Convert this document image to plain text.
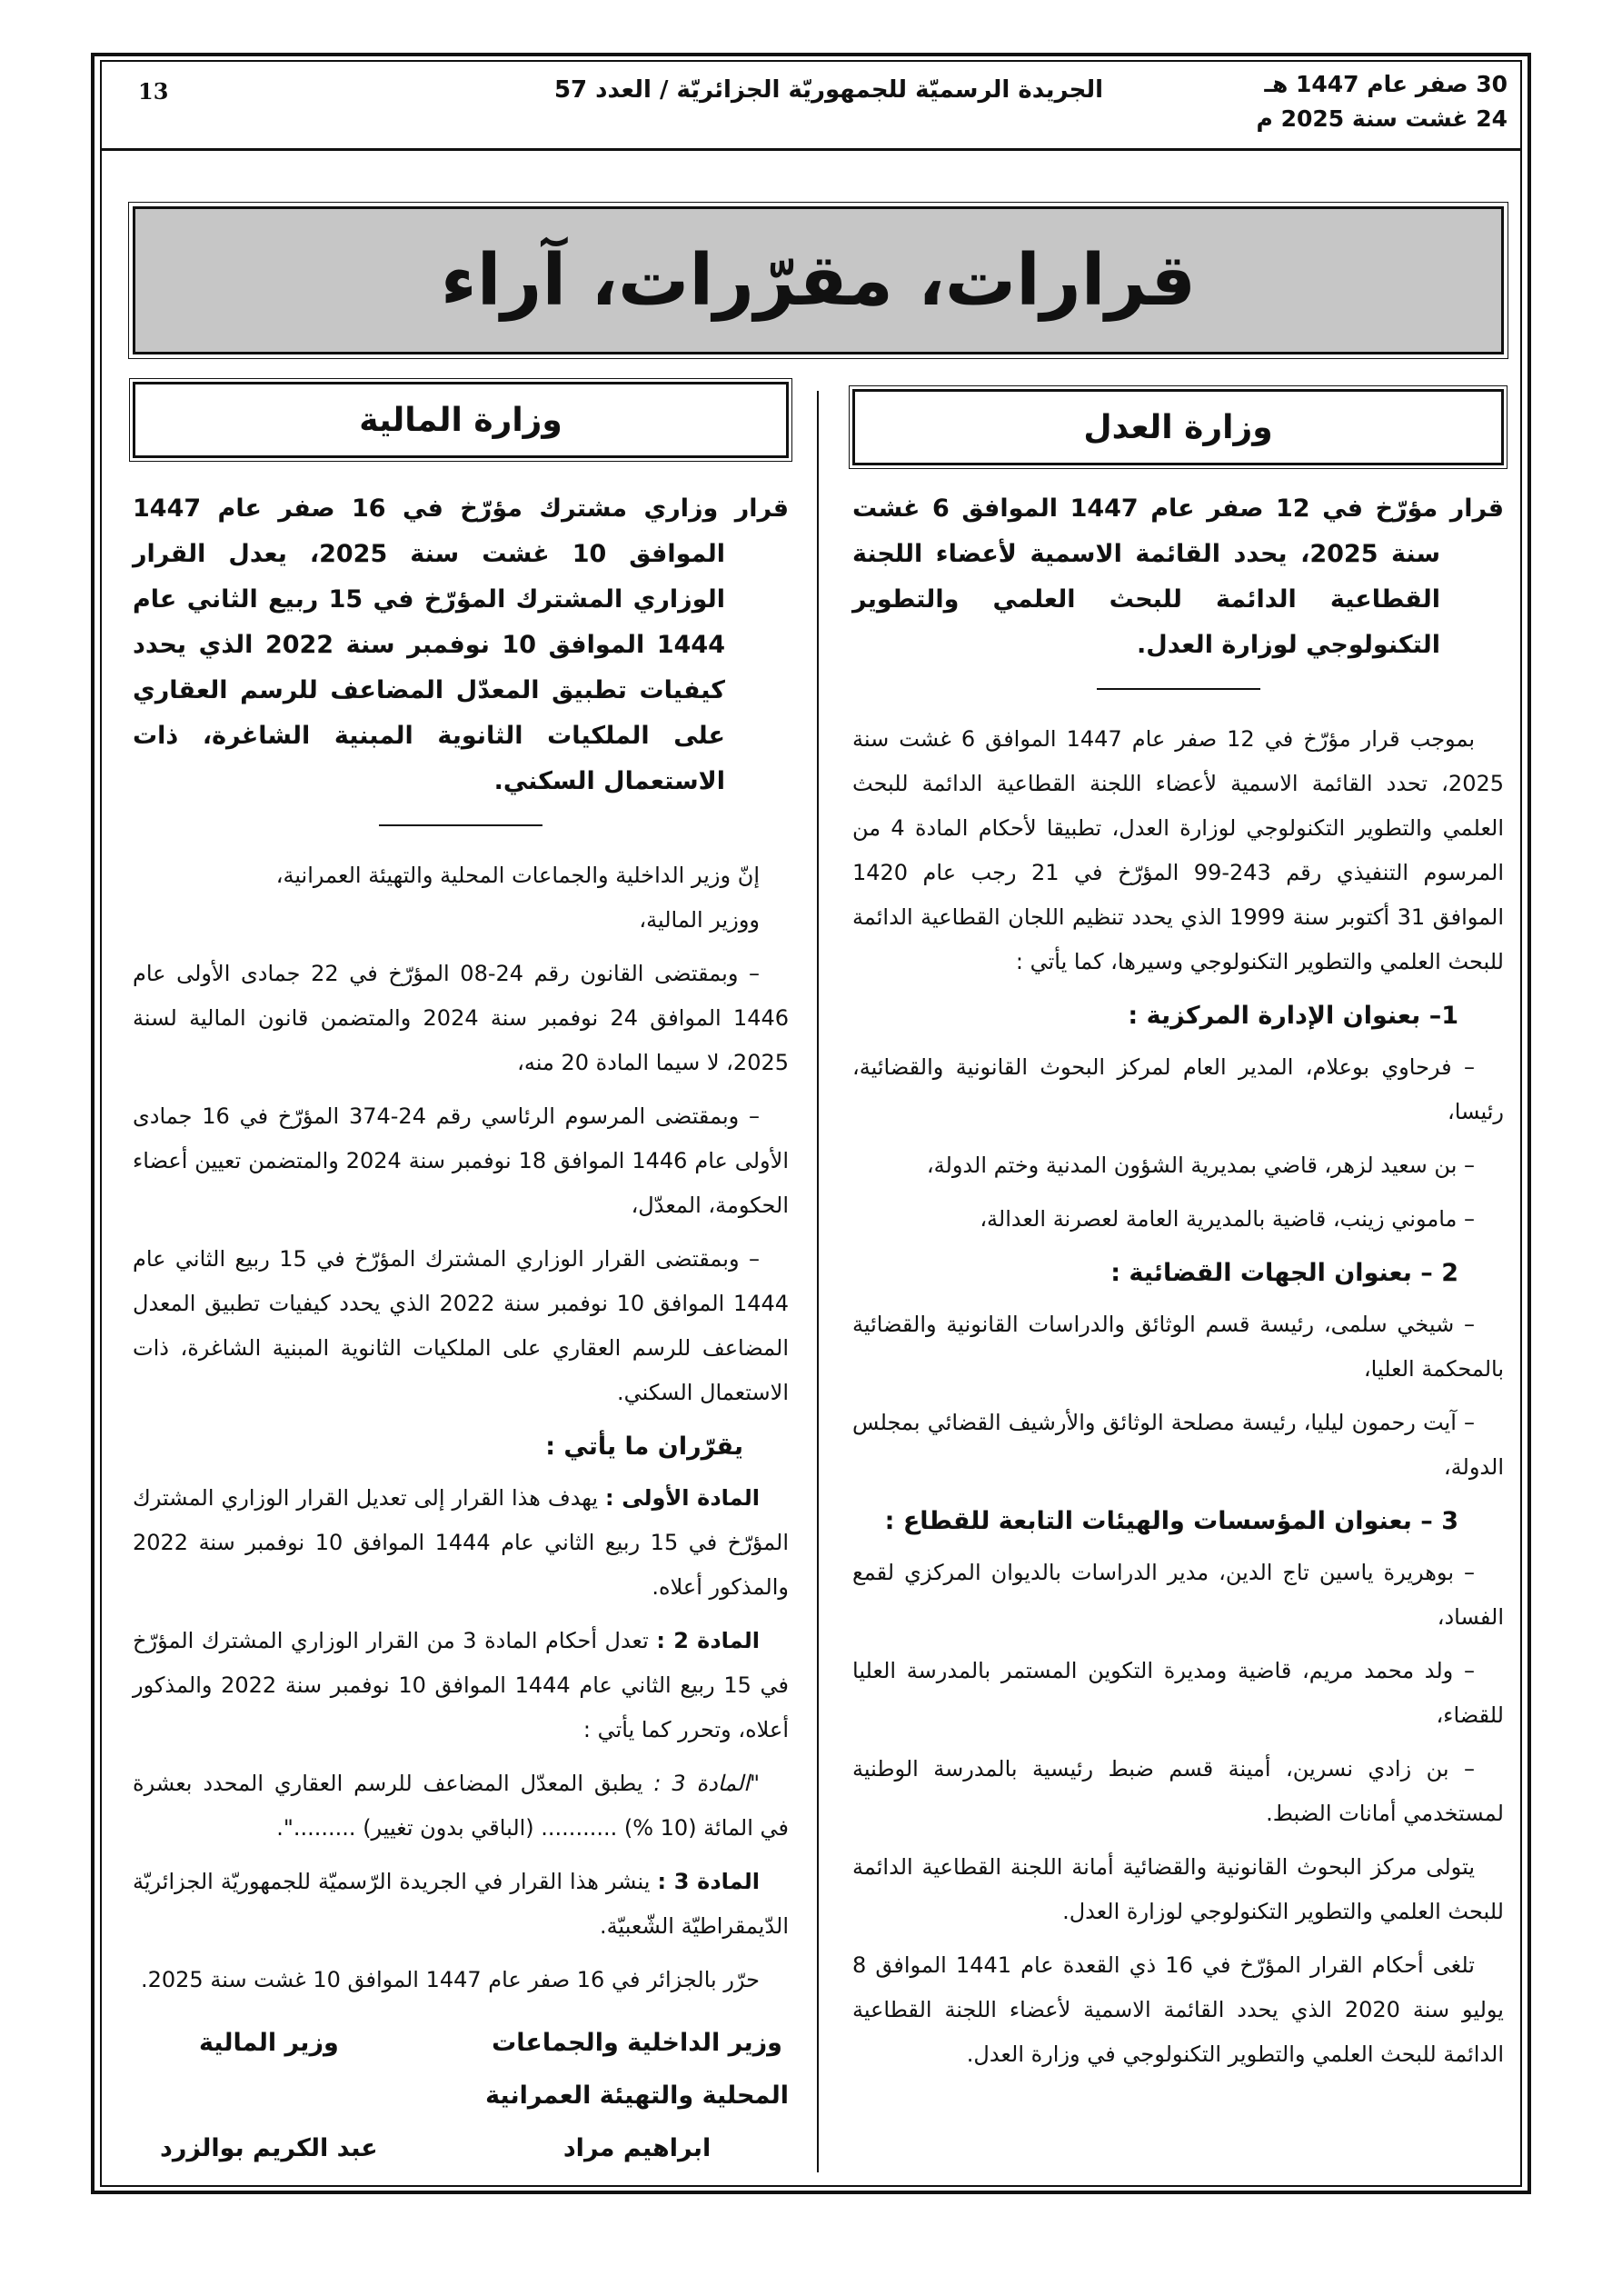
13	الجريدة الرسميّة للجمهوريّة الجزائريّة / العدد 57	30 صفر عام 1447 هـ
24 غشت سنة 2025 م
قرارات، مقرّرات، آراء
وزارة العدل
وزارة المالية

قرار مؤرّخ في 12 صفر عام 1447 الموافق 6 غشت سنة 2025، يحدد القائمة الاسمية لأعضاء اللجنة القطاعية الدائمة للبحث العلمي والتطوير التكنولوجي لوزارة العدل.

بموجب قرار مؤرّخ في 12 صفر عام 1447 الموافق 6 غشت سنة 2025، تحدد القائمة الاسمية لأعضاء اللجنة القطاعية الدائمة للبحث العلمي والتطوير التكنولوجي لوزارة العدل، تطبيقا لأحكام المادة 4 من المرسوم التنفيذي رقم 243-99 المؤرّخ في 21 رجب عام 1420 الموافق 31 أكتوبر سنة 1999 الذي يحدد تنظيم اللجان القطاعية الدائمة للبحث العلمي والتطوير التكنولوجي وسيرها، كما يأتي :

1– بعنوان الإدارة المركزية :

– فرحاوي بوعلام، المدير العام لمركز البحوث القانونية والقضائية، رئيسا،

– بن سعيد لزهر، قاضي بمديرية الشؤون المدنية وختم الدولة،

– ماموني زينب، قاضية بالمديرية العامة لعصرنة العدالة،

2 – بعنوان الجهات القضائية :

– شيخي سلمى، رئيسة قسم الوثائق والدراسات القانونية والقضائية بالمحكمة العليا،

– آيت رحمون ليليا، رئيسة مصلحة الوثائق والأرشيف القضائي بمجلس الدولة،

3 – بعنوان المؤسسات والهيئات التابعة للقطاع :

– بوهريرة ياسين تاج الدين، مدير الدراسات بالديوان المركزي لقمع الفساد،

– ولد محمد مريم، قاضية ومديرة التكوين المستمر بالمدرسة العليا للقضاء،

– بن زادي نسرين، أمينة قسم ضبط رئيسية بالمدرسة الوطنية لمستخدمي أمانات الضبط.

يتولى مركز البحوث القانونية والقضائية أمانة اللجنة القطاعية الدائمة للبحث العلمي والتطوير التكنولوجي لوزارة العدل.

تلغى أحكام القرار المؤرّخ في 16 ذي القعدة عام 1441 الموافق 8 يوليو سنة 2020 الذي يحدد القائمة الاسمية لأعضاء اللجنة القطاعية الدائمة للبحث العلمي والتطوير التكنولوجي في وزارة العدل.

قرار وزاري مشترك مؤرّخ في 16 صفر عام 1447 الموافق 10 غشت سنة 2025، يعدل القرار الوزاري المشترك المؤرّخ في 15 ربيع الثاني عام 1444 الموافق 10 نوفمبر سنة 2022 الذي يحدد كيفيات تطبيق المعدّل المضاعف للرسم العقاري على الملكيات الثانوية المبنية الشاغرة، ذات الاستعمال السكني.

إنّ وزير الداخلية والجماعات المحلية والتهيئة العمرانية،

ووزير المالية،

– وبمقتضى القانون رقم 24-08 المؤرّخ في 22 جمادى الأولى عام 1446 الموافق 24 نوفمبر سنة 2024 والمتضمن قانون المالية لسنة 2025، لا سيما المادة 20 منه،

– وبمقتضى المرسوم الرئاسي رقم 24-374 المؤرّخ في 16 جمادى الأولى عام 1446 الموافق 18 نوفمبر سنة 2024 والمتضمن تعيين أعضاء الحكومة، المعدّل،

– وبمقتضى القرار الوزاري المشترك المؤرّخ في 15 ربيع الثاني عام 1444 الموافق 10 نوفمبر سنة 2022 الذي يحدد كيفيات تطبيق المعدل المضاعف للرسم العقاري على الملكيات الثانوية المبنية الشاغرة، ذات الاستعمال السكني.

يقرّران ما يأتي :

المادة الأولى : يهدف هذا القرار إلى تعديل القرار الوزاري المشترك المؤرّخ في 15 ربيع الثاني عام 1444 الموافق 10 نوفمبر سنة 2022 والمذكور أعلاه.

المادة 2 : تعدل أحكام المادة 3 من القرار الوزاري المشترك المؤرّخ في 15 ربيع الثاني عام 1444 الموافق 10 نوفمبر سنة 2022 والمذكور أعلاه، وتحرر كما يأتي :

"المادة 3 : يطبق المعدّل المضاعف للرسم العقاري المحدد بعشرة في المائة (10 %) ........... (الباقي بدون تغيير) .........".

المادة 3 : ينشر هذا القرار في الجريدة الرّسميّة للجمهوريّة الجزائريّة الدّيمقراطيّة الشّعبيّة.

حرّر بالجزائر في 16 صفر عام 1447 الموافق 10 غشت سنة 2025.

وزير الداخلية والجماعات
المحلية والتهيئة العمرانية
ابراهيم مراد
وزير المالية
عبد الكريم بوالزرد
